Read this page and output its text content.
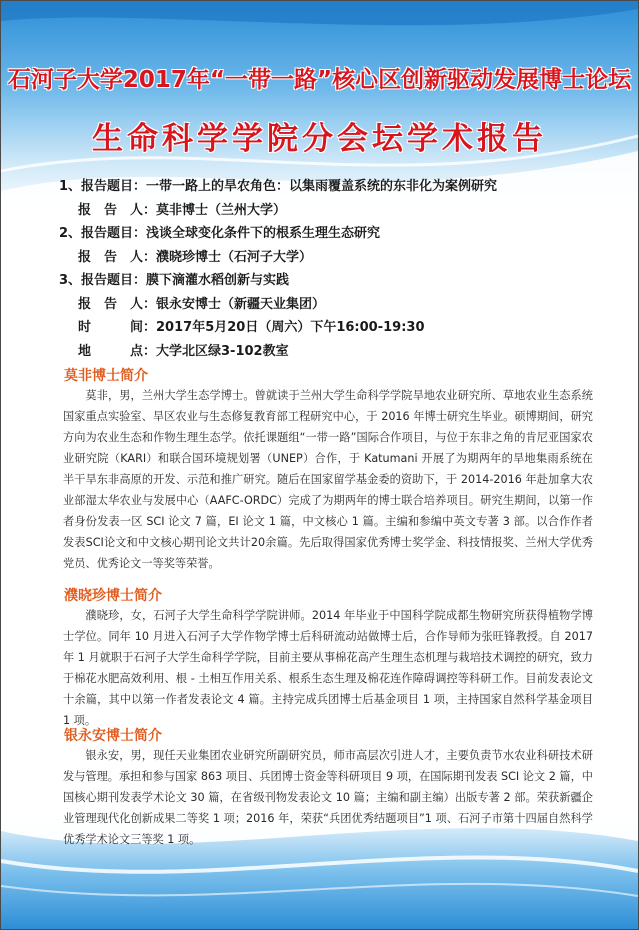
石河子大学2017年“一带一路”核心区创新驱动发展博士论坛
生命科学学院分会坛学术报告
1、报告题目：一带一路上的旱农角色：以集雨覆盖系统的东非化为案例研究
报　告　人：莫非博士（兰州大学）
2、报告题目：浅谈全球变化条件下的根系生理生态研究
报　告　人：濮晓珍博士（石河子大学）
3、报告题目：膜下滴灌水稻创新与实践
报　告　人：银永安博士（新疆天业集团）
时　　　间：2017年5月20日（周六）下午16:00-19:30
地　　　点：大学北区绿3-102教室
莫非博士简介
莫非，男，兰州大学生态学博士。曾就读于兰州大学生命科学学院旱地农业研究所、草地农业生态系统国家重点实验室、旱区农业与生态修复教育部工程研究中心，于 2016 年博士研究生毕业。硕博期间，研究方向为农业生态和作物生理生态学。依托课题组“一带一路”国际合作项目，与位于东非之角的肯尼亚国家农业研究院（KARI）和联合国环境规划署（UNEP）合作，于 Katumani 开展了为期两年的旱地集雨系统在半干旱东非高原的开发、示范和推广研究。随后在国家留学基金委的资助下，于 2014-2016 年赴加拿大农业部湿太华农业与发展中心（AAFC-ORDC）完成了为期两年的博士联合培养项目。研究生期间，以第一作者身份发表一区 SCI 论文 7 篇，EI 论文 1 篇，中文核心 1 篇。主编和参编中英文专著 3 部。以合作作者发表SCI论文和中文核心期刊论文共计20余篇。先后取得国家优秀博士奖学金、科技情报奖、兰州大学优秀党员、优秀论文一等奖等荣誉。
濮晓珍博士简介
濮晓珍，女，石河子大学生命科学学院讲师。2014 年毕业于中国科学院成都生物研究所获得植物学博士学位。同年 10 月进入石河子大学作物学博士后科研流动站做博士后，合作导师为张旺锋教授。自 2017 年 1 月就职于石河子大学生命科学学院，目前主要从事棉花高产生理生态机理与栽培技术调控的研究，致力于棉花水肥高效利用、根 - 土相互作用关系、根系生态生理及棉花连作障碍调控等科研工作。目前发表论文十余篇，其中以第一作者发表论文 4 篇。主持完成兵团博士后基金项目 1 项，主持国家自然科学基金项目 1 项。
银永安博士简介
银永安，男，现任天业集团农业研究所副研究员，师市高层次引进人才，主要负责节水农业科研技术研发与管理。承担和参与国家 863 项目、兵团博士资金等科研项目 9 项，在国际期刊发表 SCI 论文 2 篇，中国核心期刊发表学术论文 30 篇，在省级刊物发表论文 10 篇；主编和副主编）出版专著 2 部。荣获新疆企业管理现代化创新成果二等奖 1 项；2016 年，荣获“兵团优秀结题项目”1 项、石河子市第十四届自然科学优秀学术论文三等奖 1 项。
